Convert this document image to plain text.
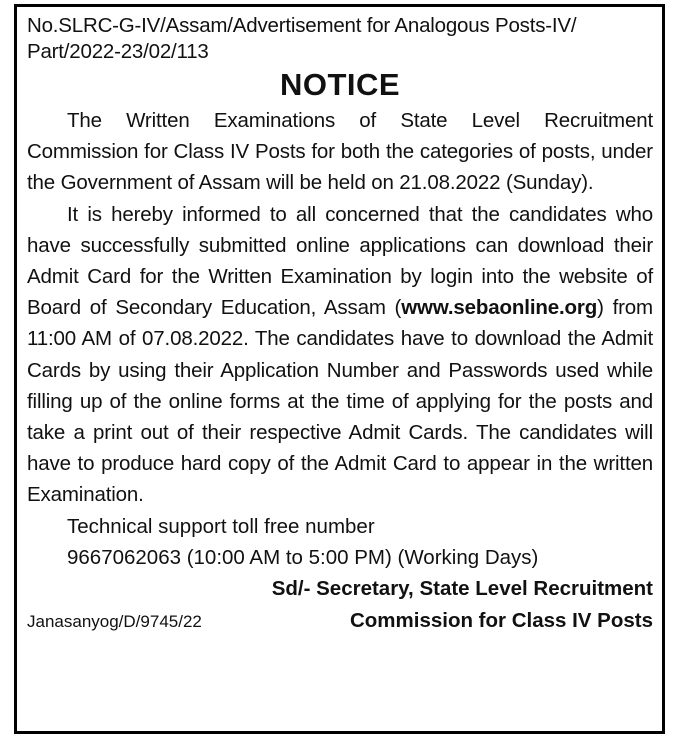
No.SLRC-G-IV/Assam/Advertisement for Analogous Posts-IV/ Part/2022-23/02/113

NOTICE

The Written Examinations of State Level Recruitment Commission for Class IV Posts for both the categories of posts, under the Government of Assam will be held on 21.08.2022 (Sunday).

It is hereby informed to all concerned that the candidates who have successfully submitted online applications can download their Admit Card for the Written Examination by login into the website of Board of Secondary Education, Assam (www.sebaonline.org) from 11:00 AM of 07.08.2022. The candidates have to download the Admit Cards by using their Application Number and Passwords used while filling up of the online forms at the time of applying for the posts and take a print out of their respective Admit Cards. The candidates will have to produce hard copy of the Admit Card to appear in the written Examination.

Technical support toll free number

9667062063 (10:00 AM to 5:00 PM) (Working Days)

Sd/- Secretary, State Level Recruitment

Janasanyog/D/9745/22	Commission for Class IV Posts
